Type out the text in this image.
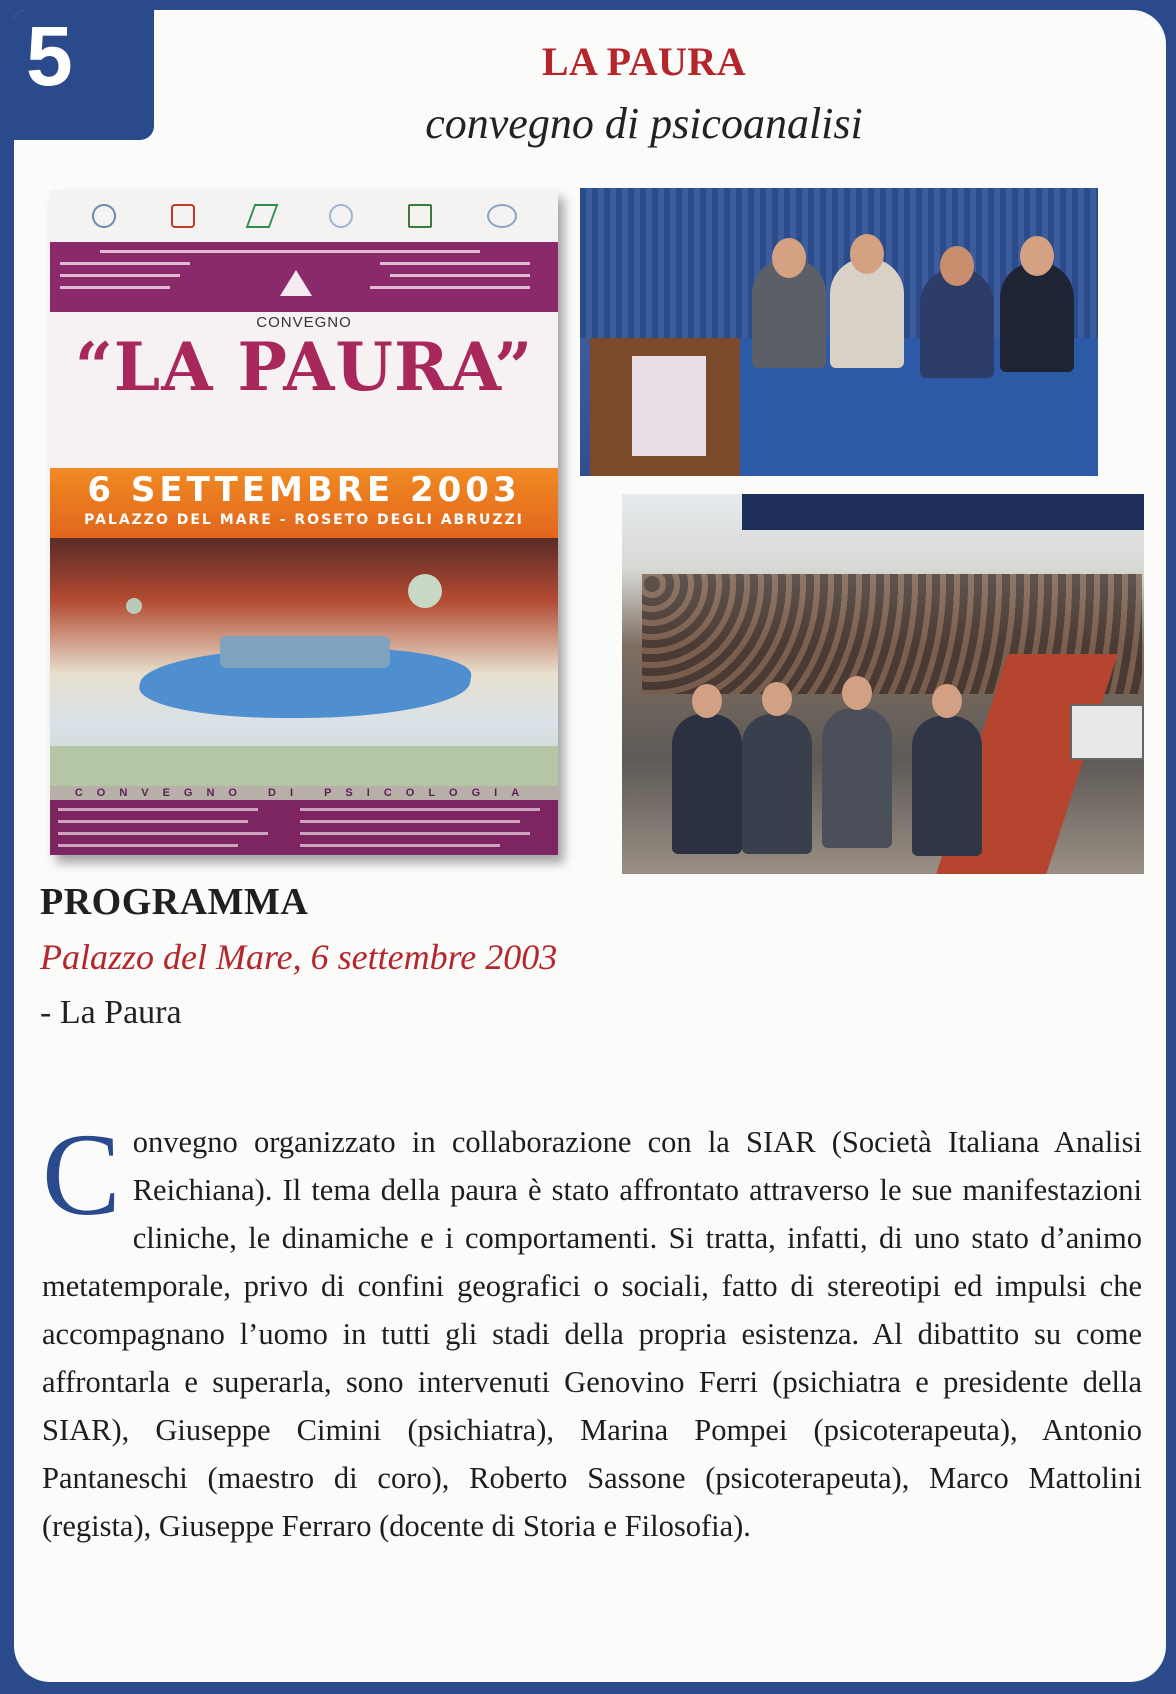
5	LA PAURA
convegno di psicoanalisi
CONVEGNO
“LA PAURA”
6 SETTEMBRE 2003
PALAZZO DEL MARE - ROSETO DEGLI ABRUZZI
CONVEGNO DI PSICOLOGIA
PROGRAMMA
Palazzo del Mare, 6 settembre 2003
- La Paura
C onvegno organizzato in collaborazione con la SIAR (Società Italiana Analisi Reichiana). Il tema della paura è stato affrontato attraverso le sue manifestazioni cliniche, le dinamiche e i comportamenti. Si tratta, infatti, di uno stato d’animo metatemporale, privo di confini geografici o sociali, fatto di stereotipi ed impulsi che accompagnano l’uomo in tutti gli stadi della propria esistenza. Al dibattito su come affrontarla e superarla, sono intervenuti Genovino Ferri (psichiatra e presidente della SIAR), Giuseppe Cimini (psichiatra), Marina Pompei (psicoterapeuta), Antonio Pantaneschi (maestro di coro), Roberto Sassone (psicoterapeuta), Marco Mattolini (regista), Giuseppe Ferraro (docente di Storia e Filosofia).
